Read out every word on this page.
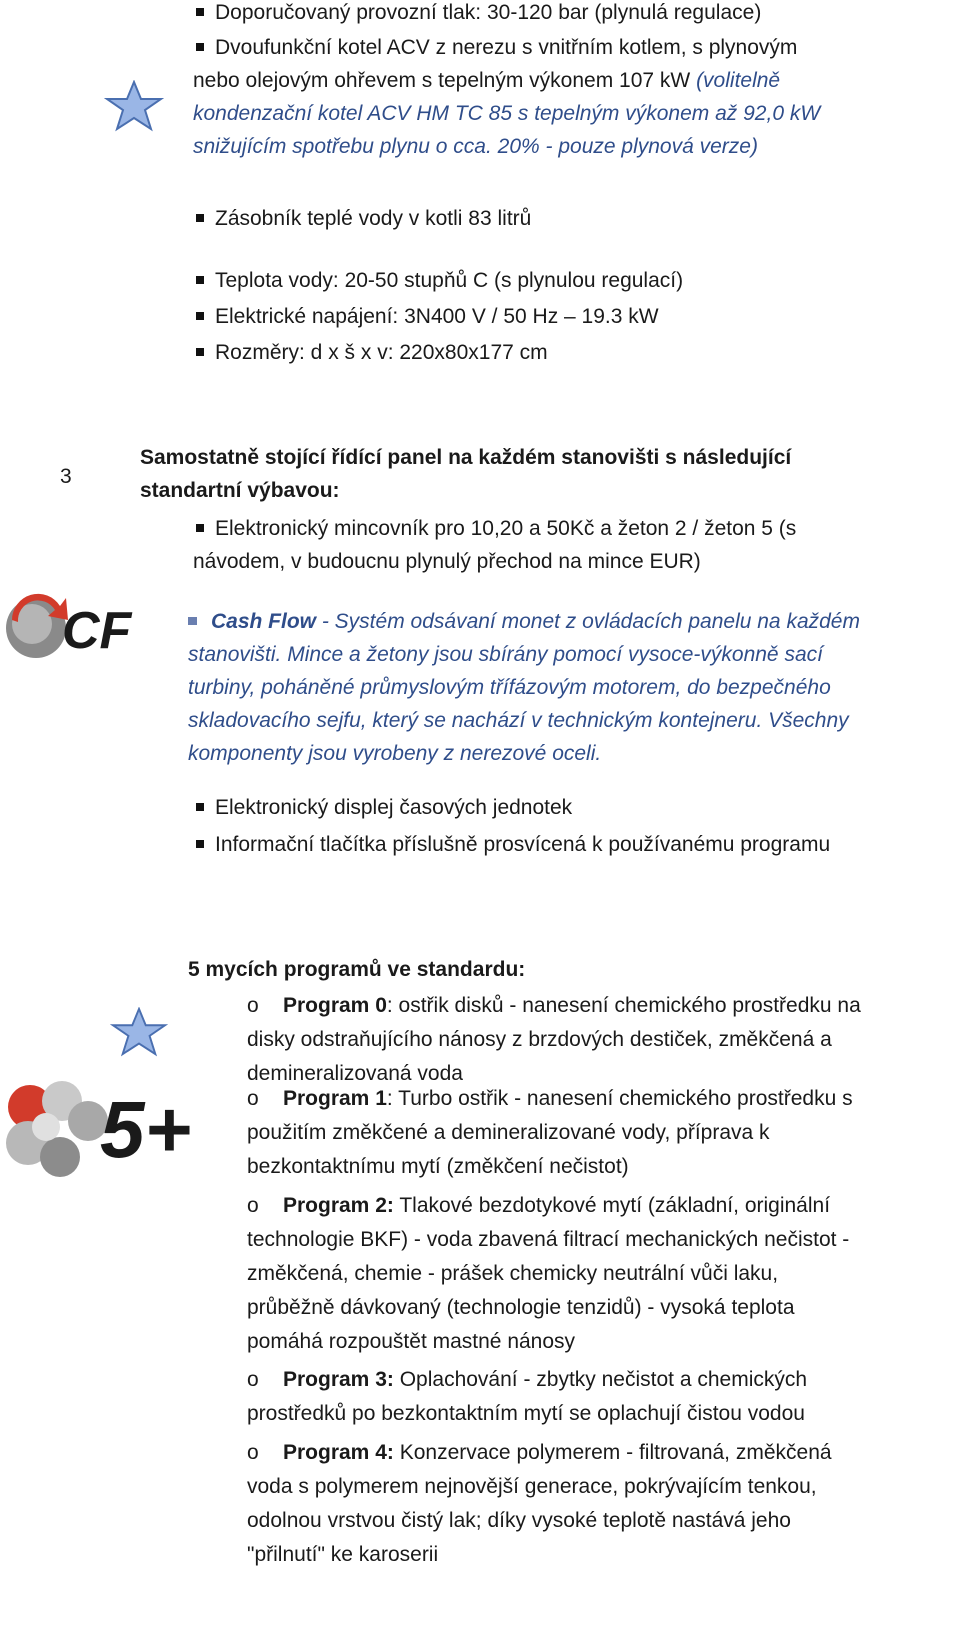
Doporučovaný provozní tlak: 30-120 bar (plynulá regulace)
Dvoufunkční kotel ACV z nerezu s vnitřním kotlem, s plynovým
nebo olejovým ohřevem s tepelným výkonem 107 kW (volitelně
kondenzační kotel ACV HM TC 85 s tepelným výkonem až 92,0 kW
snižujícím spotřebu plynu o cca. 20% - pouze plynová verze)
Zásobník teplé vody v kotli 83 litrů
Teplota vody: 20-50 stupňů C (s plynulou regulací)
Elektrické napájení: 3N400 V / 50 Hz – 19.3 kW
Rozměry: d x š x v: 220x80x177 cm
3
Samostatně stojící řídící panel na každém stanovišti s následující
standartní výbavou:
Elektronický mincovník pro 10,20 a 50Kč a žeton 2 / žeton 5 (s
návodem, v budoucnu plynulý přechod na mince EUR)
CF	Cash Flow - Systém odsávaní monet z ovládacích panelu na každém
stanovišti. Mince a žetony jsou sbírány pomocí vysoce-výkonně sací
turbiny, poháněné průmyslovým třífázovým motorem, do bezpečného
skladovacího sejfu, který se nachází v technickým kontejneru. Všechny
komponenty jsou vyrobeny z nerezové oceli.
Elektronický displej časových jednotek
Informační tlačítka příslušně prosvícená k používanému programu
5 mycích programů ve standardu:
5+
o Program 0: ostřik disků - nanesení chemického prostředku na
disky odstraňujícího nánosy z brzdových destiček, změkčená a
demineralizovaná voda
o Program 1: Turbo ostřik - nanesení chemického prostředku s
použitím změkčené a demineralizované vody, příprava k
bezkontaktnímu mytí (změkčení nečistot)
o Program 2: Tlakové bezdotykové mytí (základní, originální
technologie BKF) - voda zbavená filtrací mechanických nečistot -
změkčená, chemie - prášek chemicky neutrální vůči laku,
průběžně dávkovaný (technologie tenzidů) - vysoká teplota
pomáhá rozpouštět mastné nánosy
o Program 3: Oplachování - zbytky nečistot a chemických
prostředků po bezkontaktním mytí se oplachují čistou vodou
o Program 4: Konzervace polymerem - filtrovaná, změkčená
voda s polymerem nejnovější generace, pokrývajícím tenkou,
odolnou vrstvou čistý lak; díky vysoké teplotě nastává jeho
"přilnutí" ke karoserii
